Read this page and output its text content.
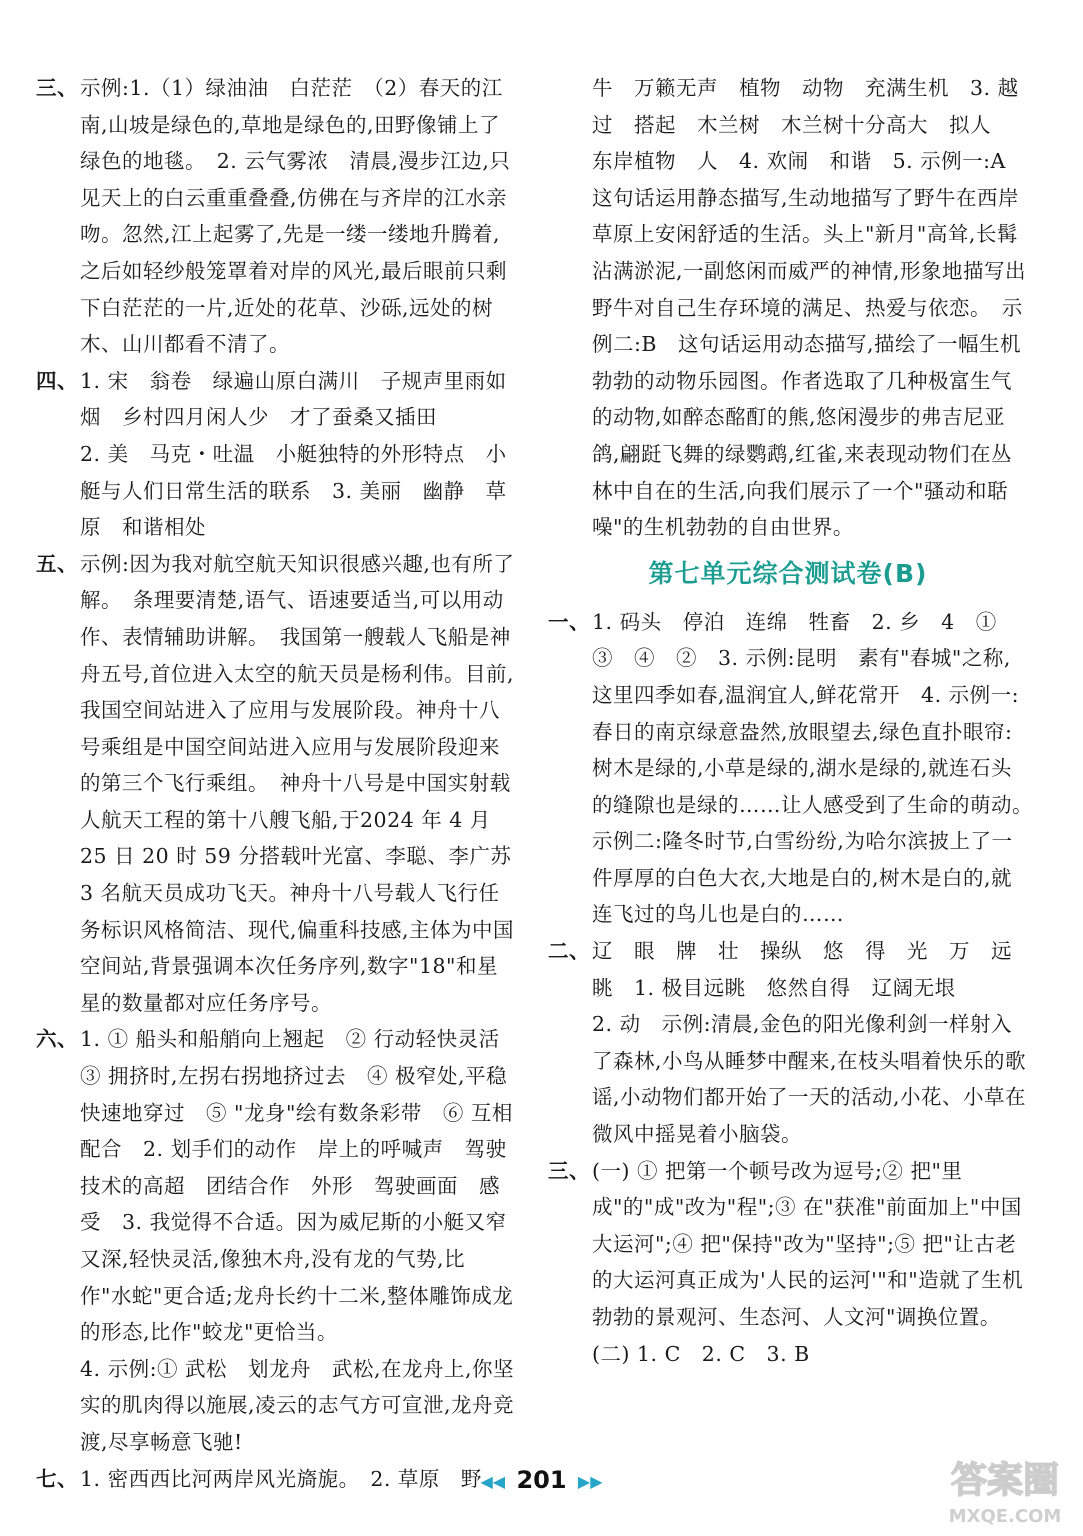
三、示例:1.（1）绿油油　白茫茫　（2）春天的江南,山坡是绿色的,草地是绿色的,田野像铺上了绿色的地毯。　2. 云气雾浓　清晨,漫步江边,只见天上的白云重重叠叠,仿佛在与齐岸的江水亲吻。忽然,江上起雾了,先是一缕一缕地升腾着,之后如轻纱般笼罩着对岸的风光,最后眼前只剩下白茫茫的一片,近处的花草、沙砾,远处的树木、山川都看不清了。

四、1. 宋　翁卷　绿遍山原白满川　子规声里雨如烟　乡村四月闲人少　才了蚕桑又插田

2. 美　马克・吐温　小艇独特的外形特点　小艇与人们日常生活的联系　3. 美丽　幽静　草原　和谐相处

五、示例:因为我对航空航天知识很感兴趣,也有所了解。　条理要清楚,语气、语速要适当,可以用动作、表情辅助讲解。　我国第一艘载人飞船是神舟五号,首位进入太空的航天员是杨利伟。目前,我国空间站进入了应用与发展阶段。神舟十八号乘组是中国空间站进入应用与发展阶段迎来的第三个飞行乘组。　神舟十八号是中国实射载人航天工程的第十八艘飞船,于2024 年 4 月 25 日 20 时 59 分搭载叶光富、李聪、李广苏 3 名航天员成功飞天。神舟十八号载人飞行任务标识风格简洁、现代,偏重科技感,主体为中国空间站,背景强调本次任务序列,数字"18"和星星的数量都对应任务序号。

六、1. ① 船头和船艄向上翘起　② 行动轻快灵活　③ 拥挤时,左拐右拐地挤过去　④ 极窄处,平稳快速地穿过　⑤ "龙身"绘有数条彩带　⑥ 互相配合　2. 划手们的动作　岸上的呼喊声　驾驶技术的高超　团结合作　外形　驾驶画面　感受　3. 我觉得不合适。因为威尼斯的小艇又窄又深,轻快灵活,像独木舟,没有龙的气势,比作"水蛇"更合适;龙舟长约十二米,整体雕饰成龙的形态,比作"蛟龙"更恰当。

4. 示例:① 武松　划龙舟　武松,在龙舟上,你坚实的肌肉得以施展,凌云的志气方可宣泄,龙舟竞渡,尽享畅意飞驰!

七、1. 密西西比河两岸风光旖旎。　2. 草原　野

牛　万籁无声　植物　动物　充满生机　3. 越过　搭起　木兰树　木兰树十分高大　拟人　东岸植物　人　4. 欢闹　和谐　5. 示例一:A　这句话运用静态描写,生动地描写了野牛在西岸草原上安闲舒适的生活。头上"新月"高耸,长髯沾满淤泥,一副悠闲而威严的神情,形象地描写出野牛对自己生存环境的满足、热爱与依恋。　示例二:B　这句话运用动态描写,描绘了一幅生机勃勃的动物乐园图。作者选取了几种极富生气的动物,如醉态酩酊的熊,悠闲漫步的弗吉尼亚鸽,翩跹飞舞的绿鹦鹉,红雀,来表现动物们在丛林中自在的生活,向我们展示了一个"骚动和聒噪"的生机勃勃的自由世界。

第七单元综合测试卷(B)

一、1. 码头　停泊　连绵　牲畜　2. 乡　4　①　③　④　②　3. 示例:昆明　素有"春城"之称,这里四季如春,温润宜人,鲜花常开　4. 示例一:春日的南京绿意盎然,放眼望去,绿色直扑眼帘:树木是绿的,小草是绿的,湖水是绿的,就连石头的缝隙也是绿的……让人感受到了生命的萌动。　示例二:隆冬时节,白雪纷纷,为哈尔滨披上了一件厚厚的白色大衣,大地是白的,树木是白的,就连飞过的鸟儿也是白的……

二、辽　眼　牌　壮　操纵　悠　得　光　万　远　眺　1. 极目远眺　悠然自得　辽阔无垠

2. 动　示例:清晨,金色的阳光像利剑一样射入了森林,小鸟从睡梦中醒来,在枝头唱着快乐的歌谣,小动物们都开始了一天的活动,小花、小草在微风中摇晃着小脑袋。

三、(一) ① 把第一个顿号改为逗号;② 把"里成"的"成"改为"程";③ 在"获准"前面加上"中国大运河";④ 把"保持"改为"坚持";⑤ 把"让古老的大运河真正成为'人民的运河'"和"造就了生机勃勃的景观河、生态河、人文河"调换位置。

(二) 1. C　2. C　3. B

◀◀ 201 ▶▶	答案圈
MXQE.COM
